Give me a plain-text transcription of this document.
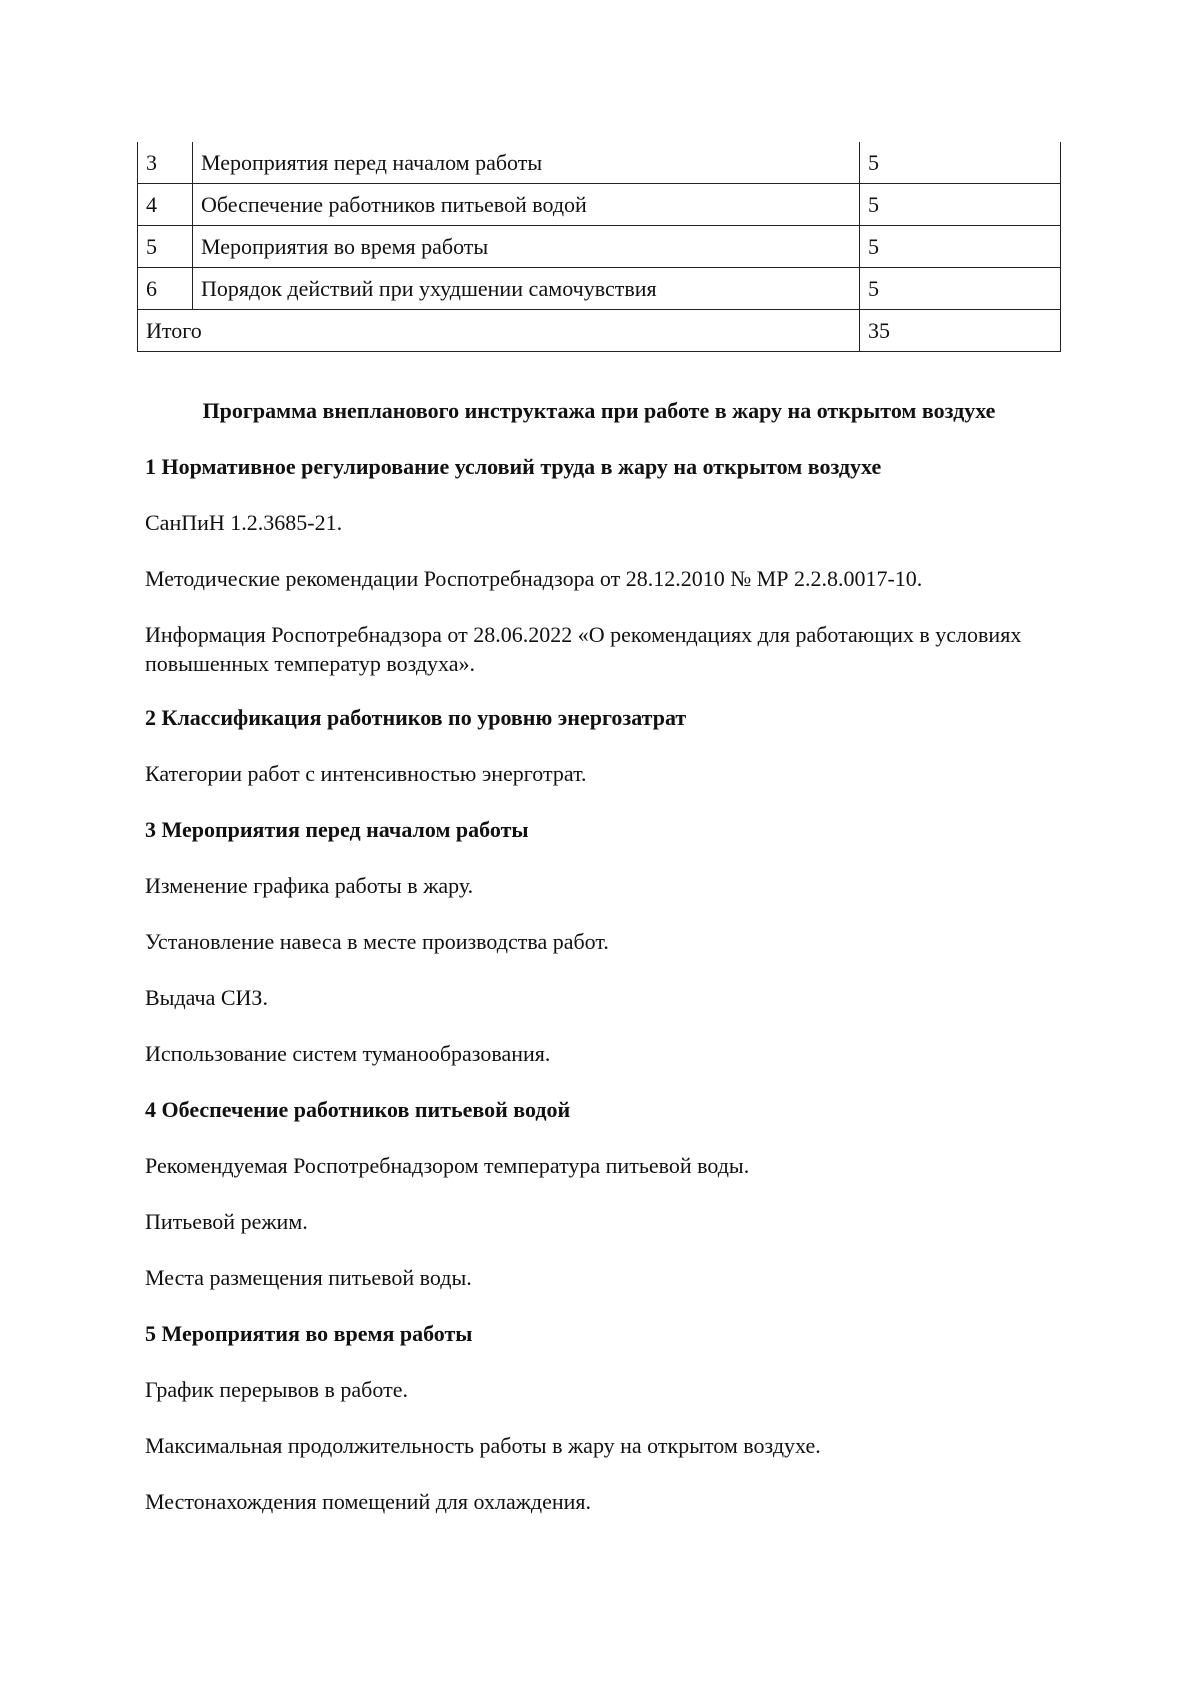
3	Мероприятия перед началом работы	5
4	Обеспечение работников питьевой водой	5
5	Мероприятия во время работы	5
6	Порядок действий при ухудшении самочувствия	5
Итого		35

Программа внепланового инструктажа при работе в жару на открытом воздухе

1 Нормативное регулирование условий труда в жару на открытом воздухе

СанПиН 1.2.3685-21.

Методические рекомендации Роспотребнадзора от 28.12.2010 № МР 2.2.8.0017-10.

Информация Роспотребнадзора от 28.06.2022 «О рекомендациях для работающих в условиях повышенных температур воздуха».

2 Классификация работников по уровню энергозатрат

Категории работ с интенсивностью энерготрат.

3 Мероприятия перед началом работы

Изменение графика работы в жару.

Установление навеса в месте производства работ.

Выдача СИЗ.

Использование систем туманообразования.

4 Обеспечение работников питьевой водой

Рекомендуемая Роспотребнадзором температура питьевой воды.

Питьевой режим.

Места размещения питьевой воды.

5 Мероприятия во время работы

График перерывов в работе.

Максимальная продолжительность работы в жару на открытом воздухе.

Местонахождения помещений для охлаждения.
